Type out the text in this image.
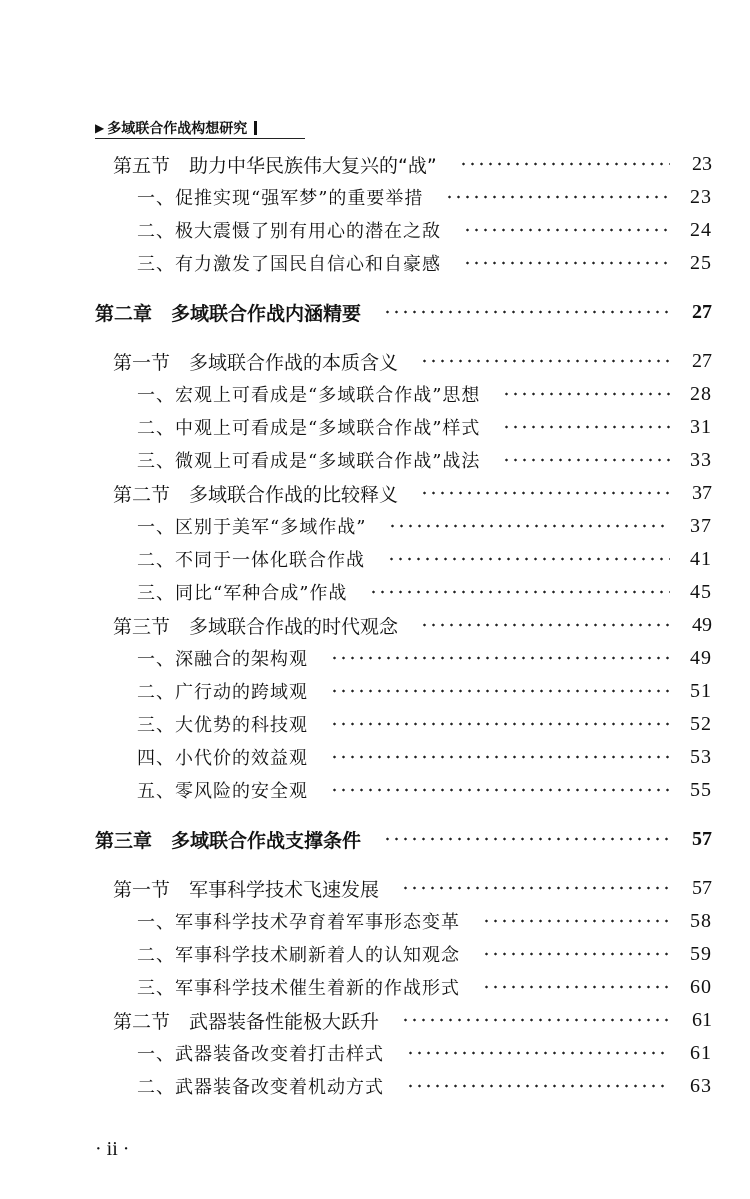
▶ 多域联合作战构想研究
第五节　助力中华民族伟大复兴的“战”	23
一、促推实现“强军梦”的重要举措	23
二、极大震慑了别有用心的潜在之敌	24
三、有力激发了国民自信心和自豪感	25
第二章　多域联合作战内涵精要	27
第一节　多域联合作战的本质含义	27
一、宏观上可看成是“多域联合作战”思想	28
二、中观上可看成是“多域联合作战”样式	31
三、微观上可看成是“多域联合作战”战法	33
第二节　多域联合作战的比较释义	37
一、区别于美军“多域作战”	37
二、不同于一体化联合作战	41
三、同比“军种合成”作战	45
第三节　多域联合作战的时代观念	49
一、深融合的架构观	49
二、广行动的跨域观	51
三、大优势的科技观	52
四、小代价的效益观	53
五、零风险的安全观	55
第三章　多域联合作战支撑条件	57
第一节　军事科学技术飞速发展	57
一、军事科学技术孕育着军事形态变革	58
二、军事科学技术刷新着人的认知观念	59
三、军事科学技术催生着新的作战形式	60
第二节　武器装备性能极大跃升	61
一、武器装备改变着打击样式	61
二、武器装备改变着机动方式	63
· ii ·
